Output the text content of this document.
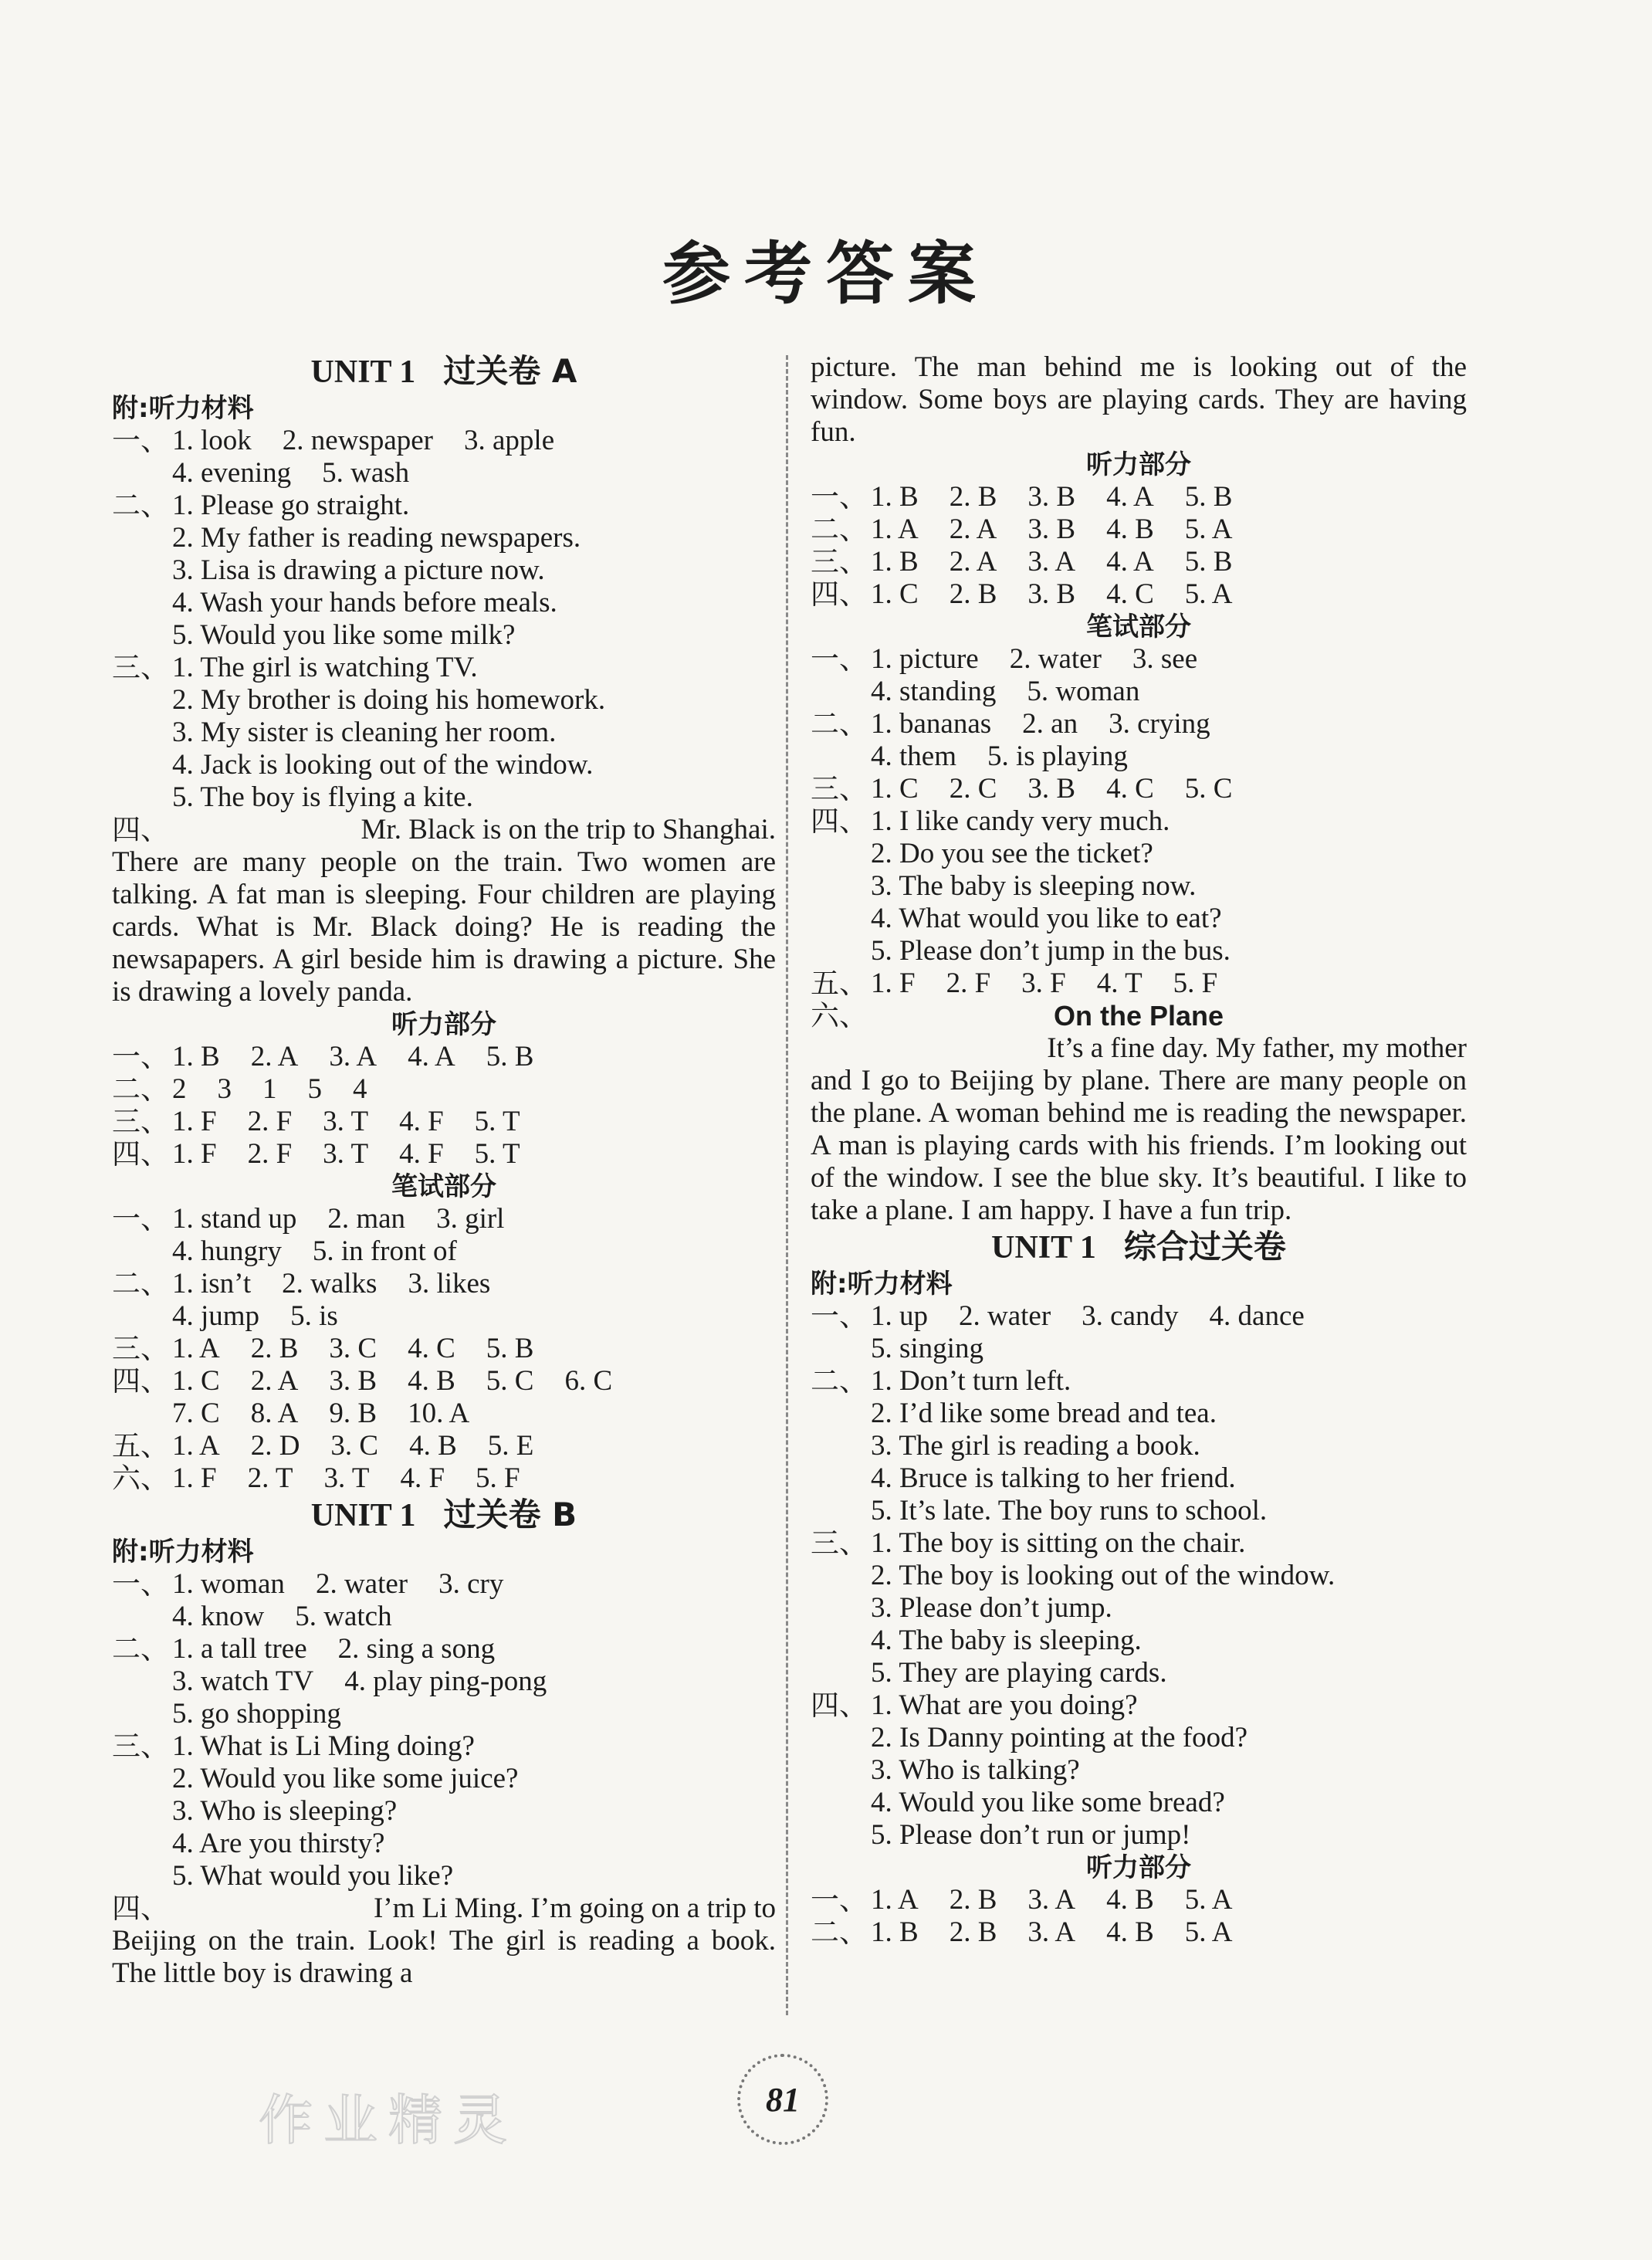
参考答案
UNIT 1 过关卷 A
附:听力材料
一、 1. look 2. newspaper 3. apple
4. evening 5. wash
二、 1. Please go straight.
2. My father is reading newspapers.
3. Lisa is drawing a picture now.
4. Wash your hands before meals.
5. Would you like some milk?
三、 1. The girl is watching TV.
2. My brother is doing his homework.
3. My sister is cleaning her room.
4. Jack is looking out of the window.
5. The boy is flying a kite.
四、	Mr. Black is on the trip to Shanghai.
There are many people on the train. Two women are talking. A fat man is sleeping. Four children are playing cards. What is Mr. Black doing? He is reading the newsapapers. A girl beside him is drawing a picture. She is drawing a lovely panda.
听力部分
一、 1. B 2. A 3. A 4. A 5. B
二、 2 3 1 5 4
三、 1. F 2. F 3. T 4. F 5. T
四、 1. F 2. F 3. T 4. F 5. T
笔试部分
一、 1. stand up 2. man 3. girl
4. hungry 5. in front of
二、 1. isn’t 2. walks 3. likes
4. jump 5. is
三、 1. A 2. B 3. C 4. C 5. B
四、 1. C 2. A 3. B 4. B 5. C 6. C
7. C 8. A 9. B 10. A
五、 1. A 2. D 3. C 4. B 5. E
六、 1. F 2. T 3. T 4. F 5. F
UNIT 1 过关卷 B
附:听力材料
一、 1. woman 2. water 3. cry
4. know 5. watch
二、 1. a tall tree 2. sing a song
3. watch TV 4. play ping-pong
5. go shopping
三、 1. What is Li Ming doing?
2. Would you like some juice?
3. Who is sleeping?
4. Are you thirsty?
5. What would you like?
四、	I’m Li Ming. I’m going on a trip to
Beijing on the train. Look! The girl is reading a book. The little boy is drawing a
picture. The man behind me is looking out of the window. Some boys are playing cards. They are having fun.
听力部分
一、 1. B 2. B 3. B 4. A 5. B
二、 1. A 2. A 3. B 4. B 5. A
三、 1. B 2. A 3. A 4. A 5. B
四、 1. C 2. B 3. B 4. C 5. A
笔试部分
一、 1. picture 2. water 3. see
4. standing 5. woman
二、 1. bananas 2. an 3. crying
4. them 5. is playing
三、 1. C 2. C 3. B 4. C 5. C
四、 1. I like candy very much.
2. Do you see the ticket?
3. The baby is sleeping now.
4. What would you like to eat?
5. Please don’t jump in the bus.
五、 1. F 2. F 3. F 4. T 5. F
六、	On the Plane
It’s a fine day. My father, my mother
and I go to Beijing by plane. There are many people on the plane. A woman behind me is reading the newspaper. A man is playing cards with his friends. I’m looking out of the window. I see the blue sky. It’s beautiful. I like to take a plane. I am happy. I have a fun trip.
UNIT 1 综合过关卷
附:听力材料
一、 1. up 2. water 3. candy 4. dance
5. singing
二、 1. Don’t turn left.
2. I’d like some bread and tea.
3. The girl is reading a book.
4. Bruce is talking to her friend.
5. It’s late. The boy runs to school.
三、 1. The boy is sitting on the chair.
2. The boy is looking out of the window.
3. Please don’t jump.
4. The baby is sleeping.
5. They are playing cards.
四、 1. What are you doing?
2. Is Danny pointing at the food?
3. Who is talking?
4. Would you like some bread?
5. Please don’t run or jump!
听力部分
一、 1. A 2. B 3. A 4. B 5. A
二、 1. B 2. B 3. A 4. B 5. A
81
作业精灵
